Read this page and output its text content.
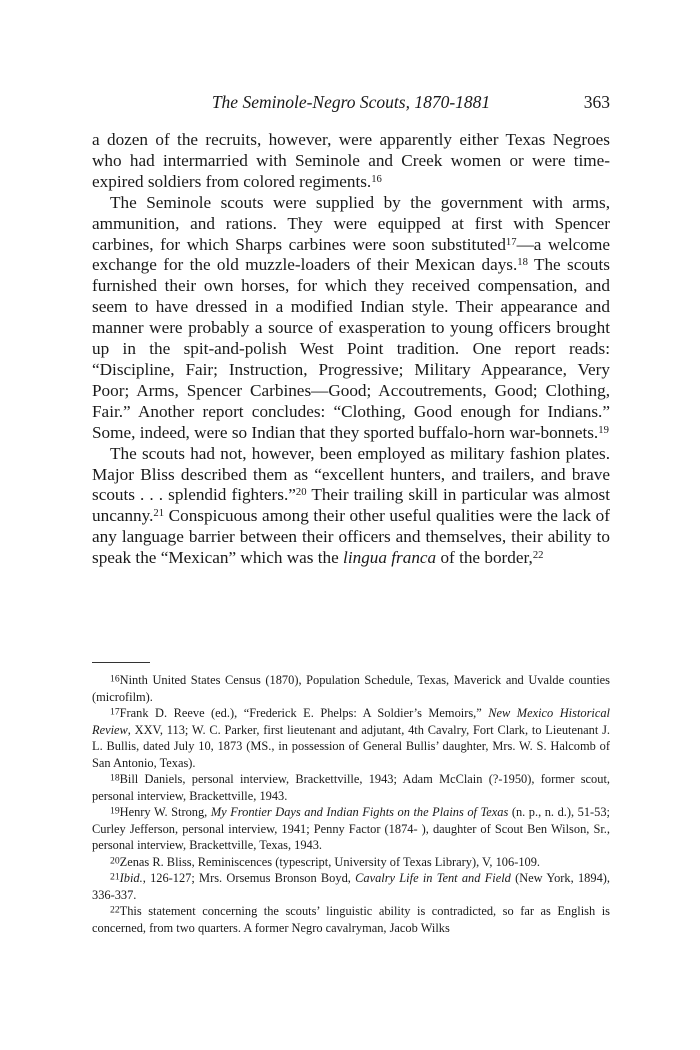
The Seminole-Negro Scouts, 1870-1881	363

a dozen of the recruits, however, were apparently either Texas Negroes who had intermarried with Seminole and Creek women or were time-expired soldiers from colored regiments.$^{16}$

The Seminole scouts were supplied by the government with arms, ammunition, and rations. They were equipped at first with Spencer carbines, for which Sharps carbines were soon substituted$^{17}$—a welcome exchange for the old muzzle-loaders of their Mexican days.$^{18}$ The scouts furnished their own horses, for which they received compensation, and seem to have dressed in a modified Indian style. Their appearance and manner were probably a source of exasperation to young officers brought up in the spit-and-polish West Point tradition. One report reads: “Discipline, Fair; Instruction, Progressive; Military Appearance, Very Poor; Arms, Spencer Carbines—Good; Accoutrements, Good; Clothing, Fair.” Another report concludes: “Clothing, Good enough for Indians.” Some, indeed, were so Indian that they sported buffalo-horn war-bonnets.$^{19}$

The scouts had not, however, been employed as military fashion plates. Major Bliss described them as “excellent hunters, and trailers, and brave scouts . . . splendid fighters.”$^{20}$ Their trailing skill in particular was almost uncanny.$^{21}$ Conspicuous among their other useful qualities were the lack of any language barrier between their officers and themselves, their ability to speak the “Mexican” which was the lingua franca of the border,$^{22}$

16Ninth United States Census (1870), Population Schedule, Texas, Maverick and Uvalde counties (microfilm).

17Frank D. Reeve (ed.), “Frederick E. Phelps: A Soldier’s Memoirs,” New Mexico Historical Review, XXV, 113; W. C. Parker, first lieutenant and adjutant, 4th Cavalry, Fort Clark, to Lieutenant J. L. Bullis, dated July 10, 1873 (MS., in possession of General Bullis’ daughter, Mrs. W. S. Halcomb of San Antonio, Texas).

18Bill Daniels, personal interview, Brackettville, 1943; Adam McClain (?-1950), former scout, personal interview, Brackettville, 1943.

19Henry W. Strong, My Frontier Days and Indian Fights on the Plains of Texas (n. p., n. d.), 51-53; Curley Jefferson, personal interview, 1941; Penny Factor (1874- ), daughter of Scout Ben Wilson, Sr., personal interview, Brackettville, Texas, 1943.

20Zenas R. Bliss, Reminiscences (typescript, University of Texas Library), V, 106-109.

21Ibid., 126-127; Mrs. Orsemus Bronson Boyd, Cavalry Life in Tent and Field (New York, 1894), 336-337.

22This statement concerning the scouts’ linguistic ability is contradicted, so far as English is concerned, from two quarters. A former Negro cavalryman, Jacob Wilks
